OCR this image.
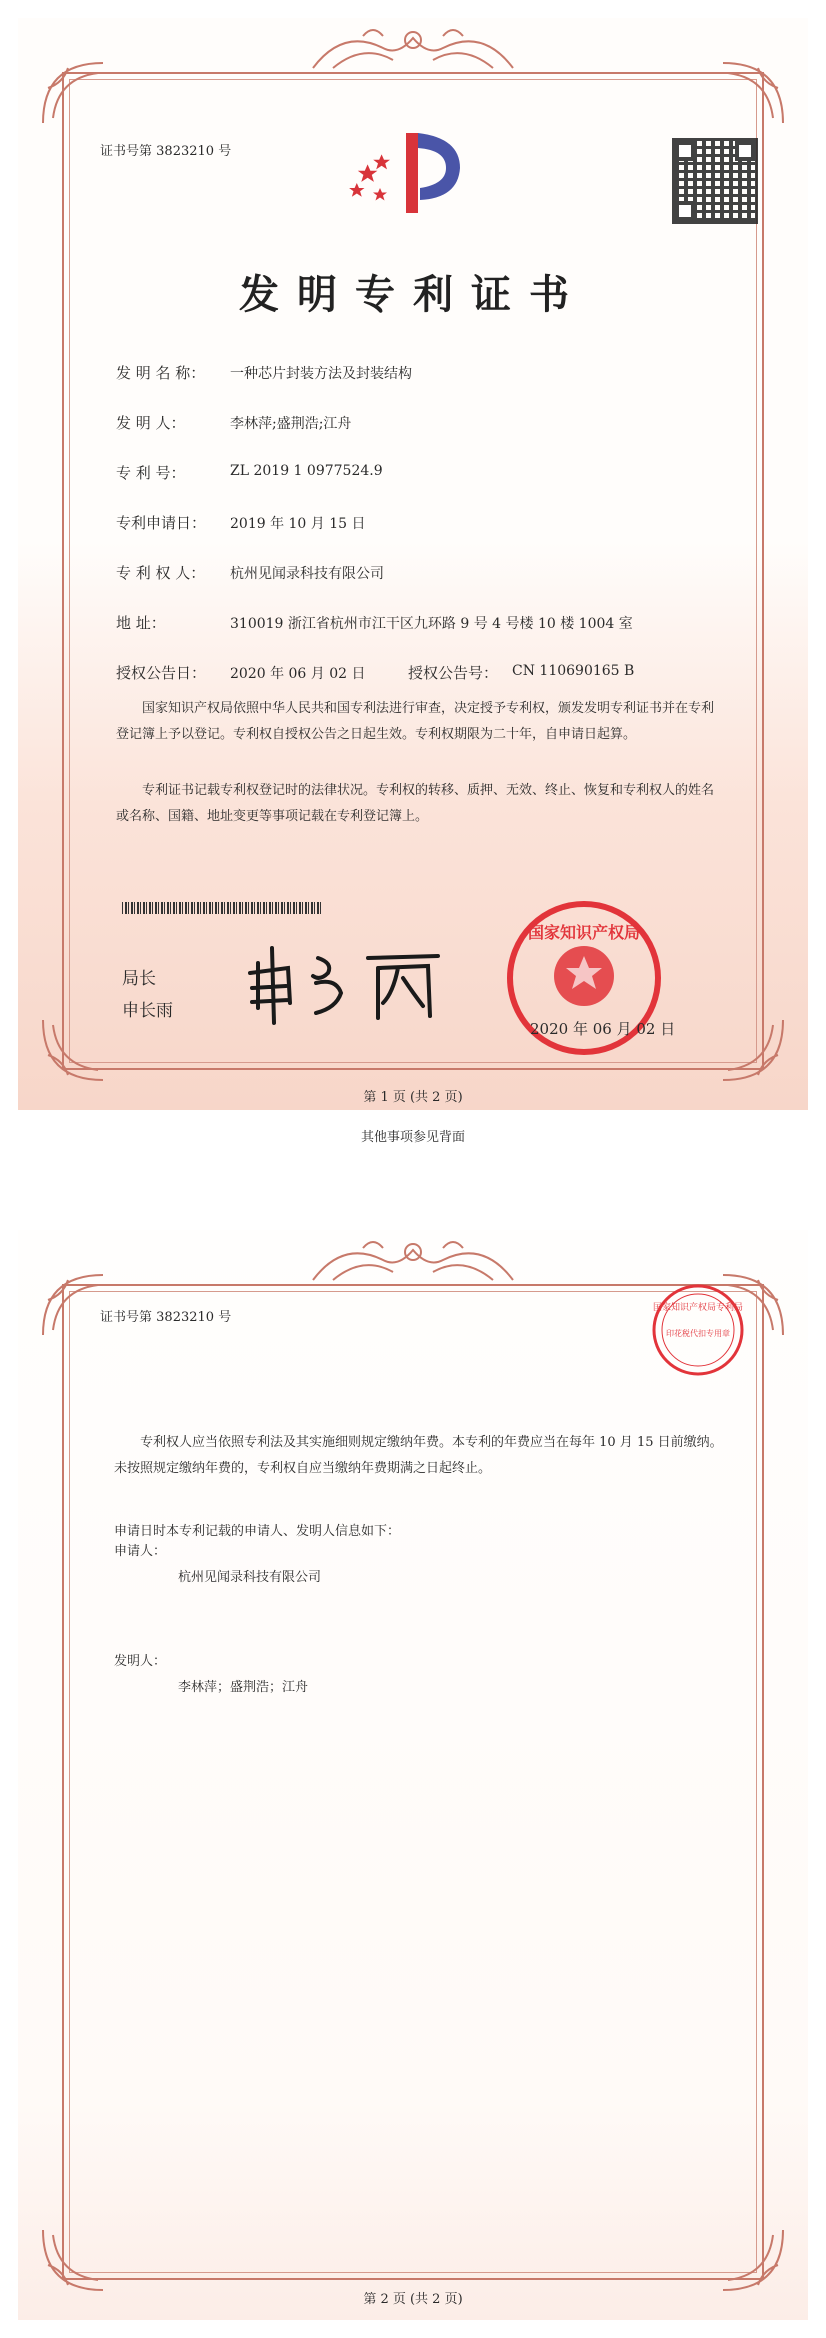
证书号第 3823210 号
发明专利证书
发 明 名 称： 一种芯片封装方法及封装结构
发 明 人：	李林萍;盛荆浩;江舟
专 利 号：	ZL 2019 1 0977524.9
专利申请日： 2019 年 10 月 15 日
专 利 权 人： 杭州见闻录科技有限公司
地 址：	310019 浙江省杭州市江干区九环路 9 号 4 号楼 10 楼 1004 室
授权公告日： 2020 年 06 月 02 日	授权公告号： CN 110690165 B
国家知识产权局依照中华人民共和国专利法进行审查，决定授予专利权，颁发发明专利证书并在专利登记簿上予以登记。专利权自授权公告之日起生效。专利权期限为二十年，自申请日起算。
专利证书记载专利权登记时的法律状况。专利权的转移、质押、无效、终止、恢复和专利权人的姓名或名称、国籍、地址变更等事项记载在专利登记簿上。
局长
申长雨
国家知识产权局
2020 年 06 月 02 日
第 1 页 (共 2 页)
其他事项参见背面
证书号第 3823210 号
国家知识产权局专利局
印花税代扣专用章
专利权人应当依照专利法及其实施细则规定缴纳年费。本专利的年费应当在每年 10 月 15 日前缴纳。未按照规定缴纳年费的，专利权自应当缴纳年费期满之日起终止。
申请日时本专利记载的申请人、发明人信息如下：
申请人：
杭州见闻录科技有限公司
发明人：
李林萍；盛荆浩；江舟
第 2 页 (共 2 页)
